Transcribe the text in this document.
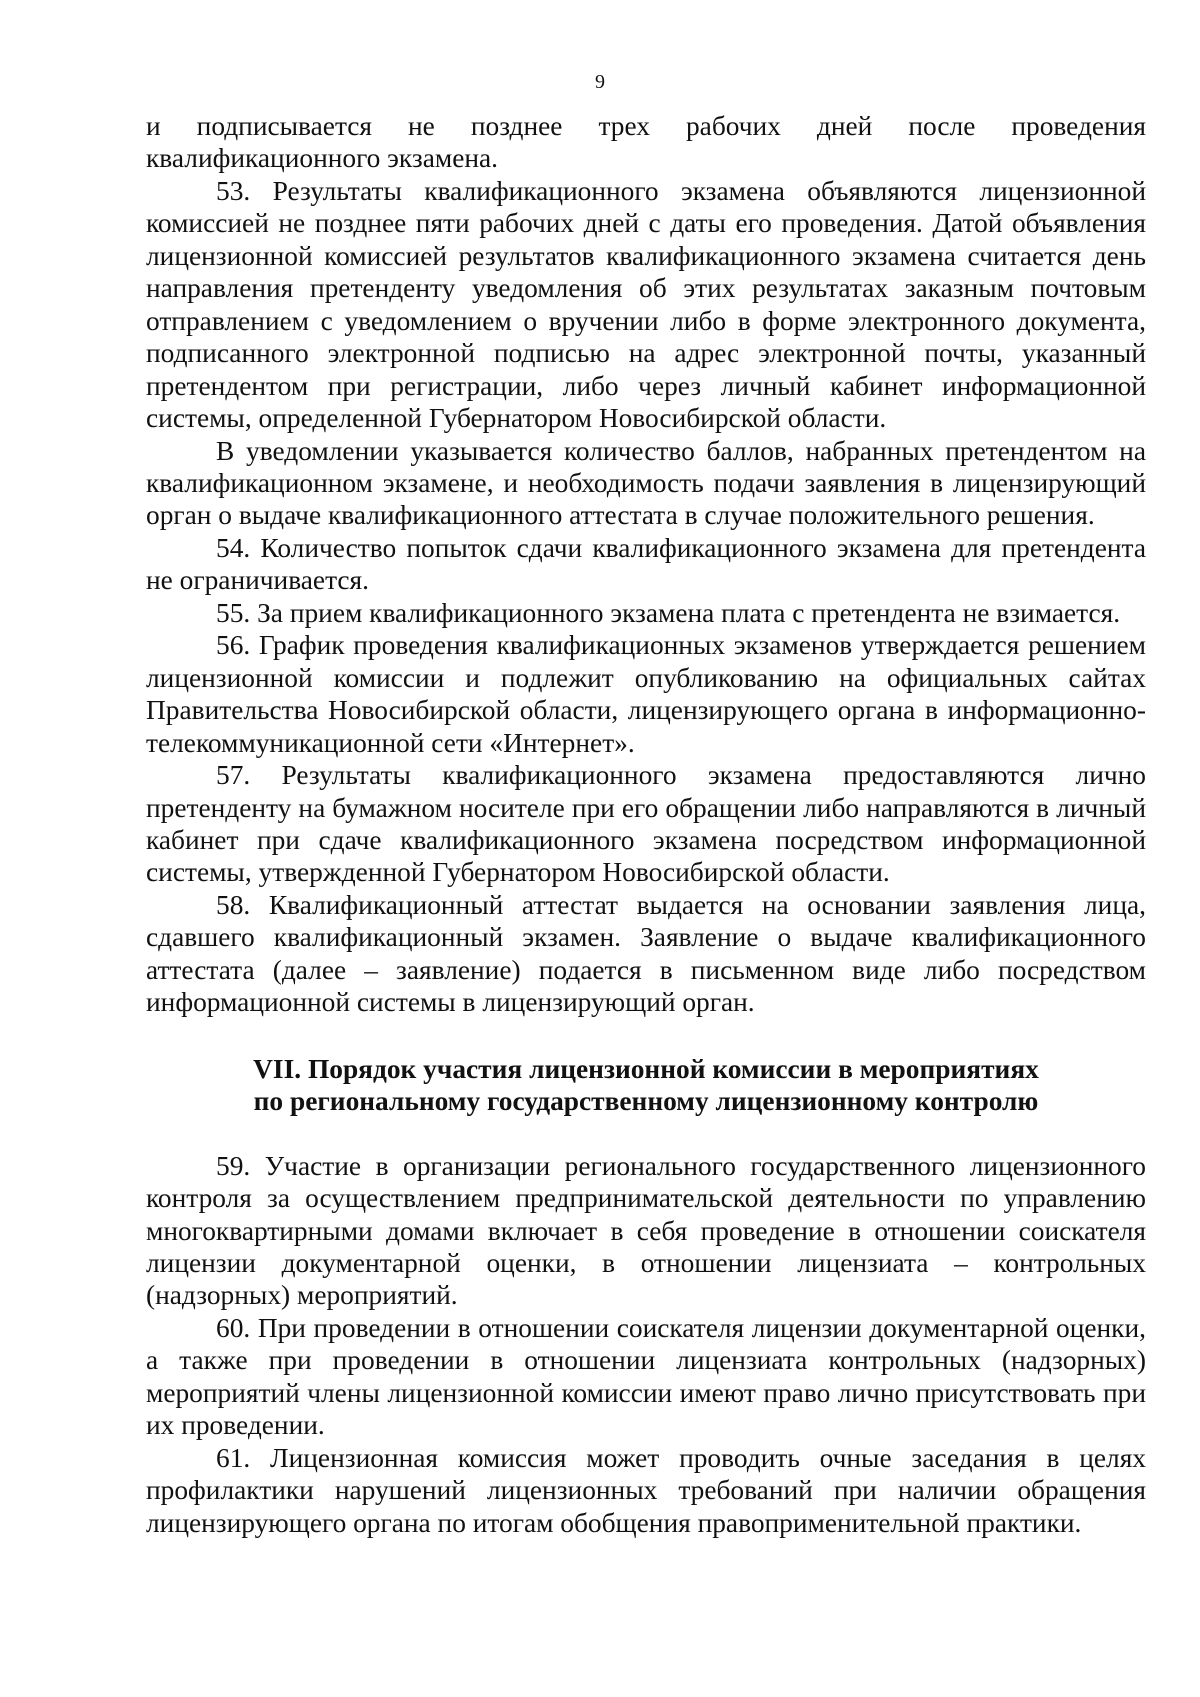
9

и подписывается не позднее трех рабочих дней после проведения квалификационного экзамена.

53. Результаты квалификационного экзамена объявляются лицензионной комиссией не позднее пяти рабочих дней с даты его проведения. Датой объявления лицензионной комиссией результатов квалификационного экзамена считается день направления претенденту уведомления об этих результатах заказным почтовым отправлением с уведомлением о вручении либо в форме электронного документа, подписанного электронной подписью на адрес электронной почты, указанный претендентом при регистрации, либо через личный кабинет информационной системы, определенной Губернатором Новосибирской области.

В уведомлении указывается количество баллов, набранных претендентом на квалификационном экзамене, и необходимость подачи заявления в лицензирующий орган о выдаче квалификационного аттестата в случае положительного решения.

54. Количество попыток сдачи квалификационного экзамена для претендента не ограничивается.

55. За прием квалификационного экзамена плата с претендента не взимается.

56. График проведения квалификационных экзаменов утверждается решением лицензионной комиссии и подлежит опубликованию на официальных сайтах Правительства Новосибирской области, лицензирующего органа в информационно-телекоммуникационной сети «Интернет».

57. Результаты квалификационного экзамена предоставляются лично претенденту на бумажном носителе при его обращении либо направляются в личный кабинет при сдаче квалификационного экзамена посредством информационной системы, утвержденной Губернатором Новосибирской области.

58. Квалификационный аттестат выдается на основании заявления лица, сдавшего квалификационный экзамен. Заявление о выдаче квалификационного аттестата (далее – заявление) подается в письменном виде либо посредством информационной системы в лицензирующий орган.

VII. Порядок участия лицензионной комиссии в мероприятиях
по региональному государственному лицензионному контролю

59. Участие в организации регионального государственного лицензионного контроля за осуществлением предпринимательской деятельности по управлению многоквартирными домами включает в себя проведение в отношении соискателя лицензии документарной оценки, в отношении лицензиата – контрольных (надзорных) мероприятий.

60. При проведении в отношении соискателя лицензии документарной оценки, а также при проведении в отношении лицензиата контрольных (надзорных) мероприятий члены лицензионной комиссии имеют право лично присутствовать при их проведении.

61. Лицензионная комиссия может проводить очные заседания в целях профилактики нарушений лицензионных требований при наличии обращения лицензирующего органа по итогам обобщения правоприменительной практики.
